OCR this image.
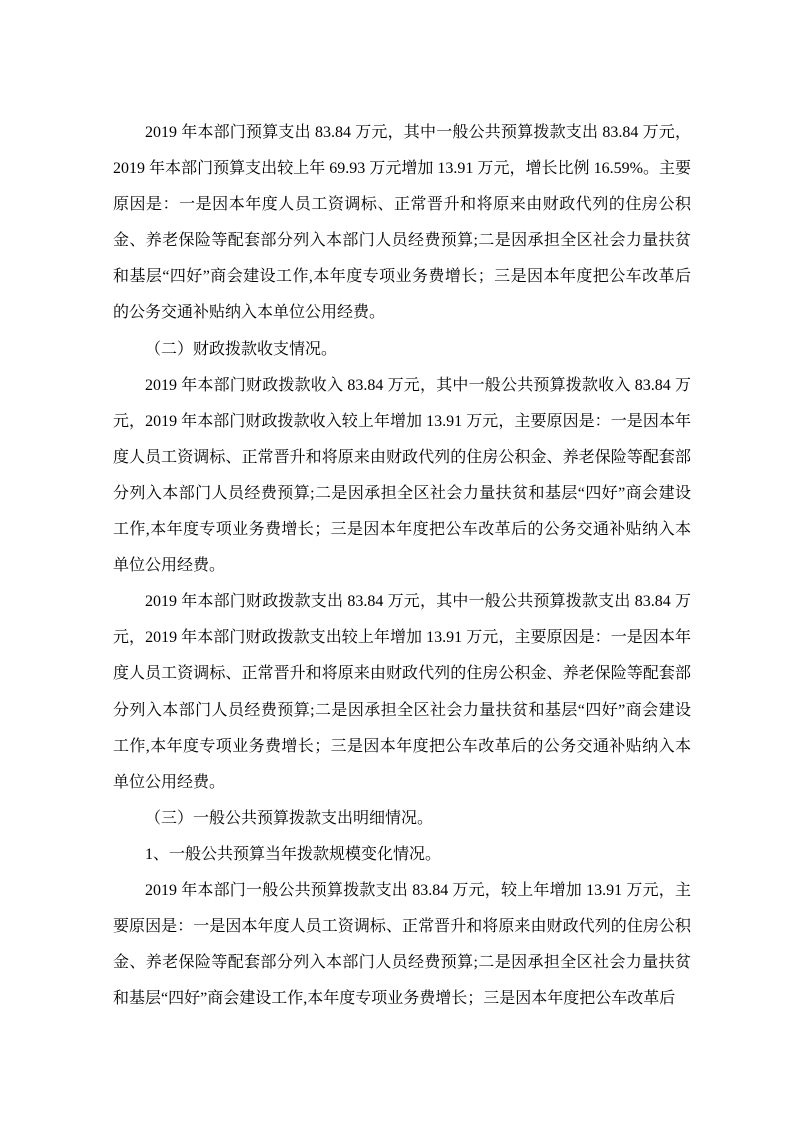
2019 年本部门预算支出 83.84 万元，其中一般公共预算拨款支出 83.84 万元，2019 年本部门预算支出较上年 69.93 万元增加 13.91 万元，增长比例 16.59%。主要原因是：一是因本年度人员工资调标、正常晋升和将原来由财政代列的住房公积金、养老保险等配套部分列入本部门人员经费预算;二是因承担全区社会力量扶贫和基层“四好”商会建设工作,本年度专项业务费增长；三是因本年度把公车改革后的公务交通补贴纳入本单位公用经费。

（二）财政拨款收支情况。

2019 年本部门财政拨款收入 83.84 万元，其中一般公共预算拨款收入 83.84 万元，2019 年本部门财政拨款收入较上年增加 13.91 万元，主要原因是：一是因本年度人员工资调标、正常晋升和将原来由财政代列的住房公积金、养老保险等配套部分列入本部门人员经费预算;二是因承担全区社会力量扶贫和基层“四好”商会建设工作,本年度专项业务费增长；三是因本年度把公车改革后的公务交通补贴纳入本单位公用经费。

2019 年本部门财政拨款支出 83.84 万元，其中一般公共预算拨款支出 83.84 万元，2019 年本部门财政拨款支出较上年增加 13.91 万元，主要原因是：一是因本年度人员工资调标、正常晋升和将原来由财政代列的住房公积金、养老保险等配套部分列入本部门人员经费预算;二是因承担全区社会力量扶贫和基层“四好”商会建设工作,本年度专项业务费增长；三是因本年度把公车改革后的公务交通补贴纳入本单位公用经费。

（三）一般公共预算拨款支出明细情况。

1、一般公共预算当年拨款规模变化情况。

2019 年本部门一般公共预算拨款支出 83.84 万元，较上年增加 13.91 万元，主要原因是：一是因本年度人员工资调标、正常晋升和将原来由财政代列的住房公积金、养老保险等配套部分列入本部门人员经费预算;二是因承担全区社会力量扶贫和基层“四好”商会建设工作,本年度专项业务费增长；三是因本年度把公车改革后
